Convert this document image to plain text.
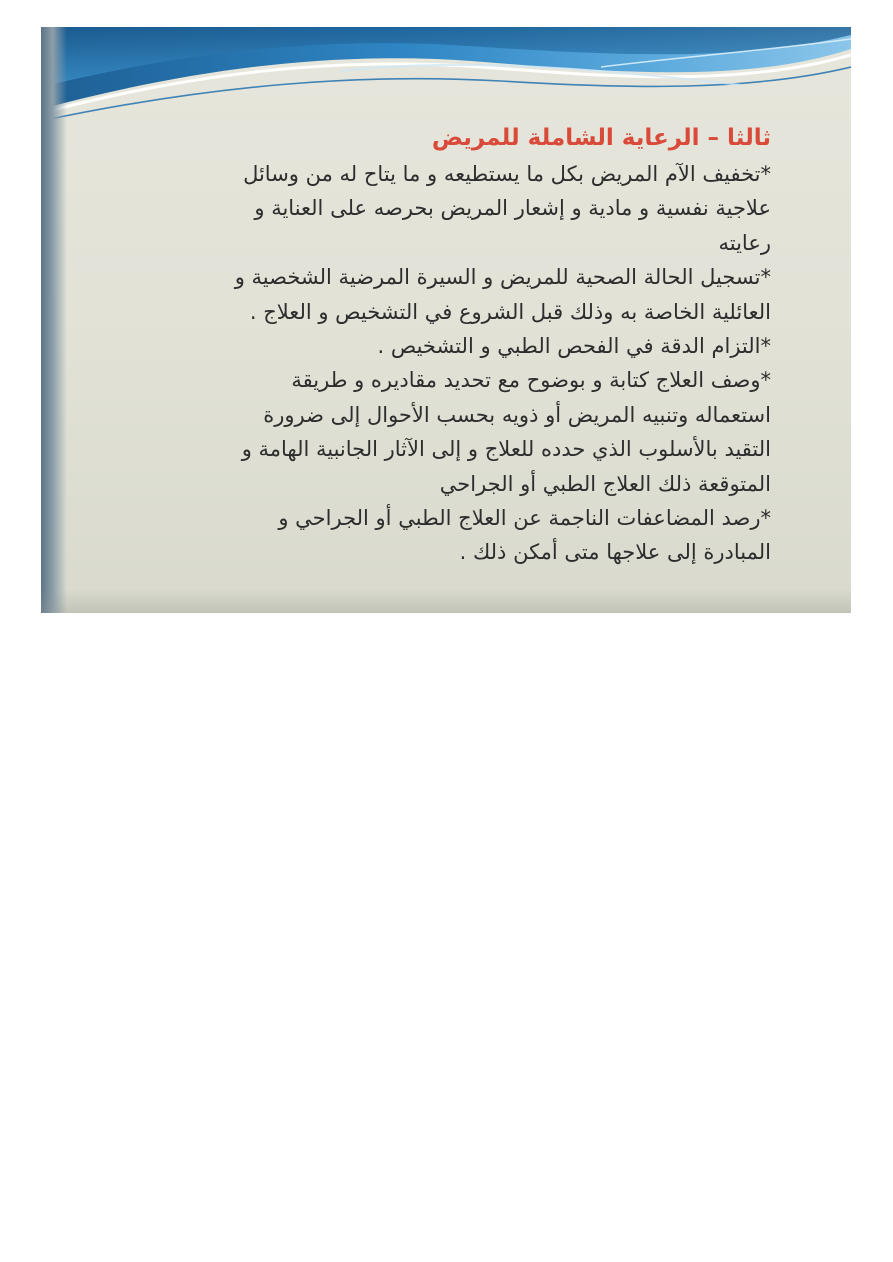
ثالثا – الرعاية الشاملة للمريض
*تخفيف الآم المريض بكل ما يستطيعه و ما يتاح له من وسائل
علاجية نفسية و مادية و إشعار المريض بحرصه على العناية و
رعايته
*تسجيل الحالة الصحية للمريض و السيرة المرضية الشخصية و
العائلية الخاصة به وذلك قبل الشروع في التشخيص و العلاج .
*التزام الدقة في الفحص الطبي و التشخيص .
*وصف العلاج كتابة و بوضوح مع تحديد مقاديره و طريقة
استعماله وتنبيه المريض أو ذويه بحسب الأحوال إلى ضرورة
التقيد بالأسلوب الذي حدده للعلاج و إلى الآثار الجانبية الهامة و
المتوقعة ذلك العلاج الطبي أو الجراحي
*رصد المضاعفات الناجمة عن العلاج الطبي أو الجراحي و
المبادرة إلى علاجها متى أمكن ذلك .
